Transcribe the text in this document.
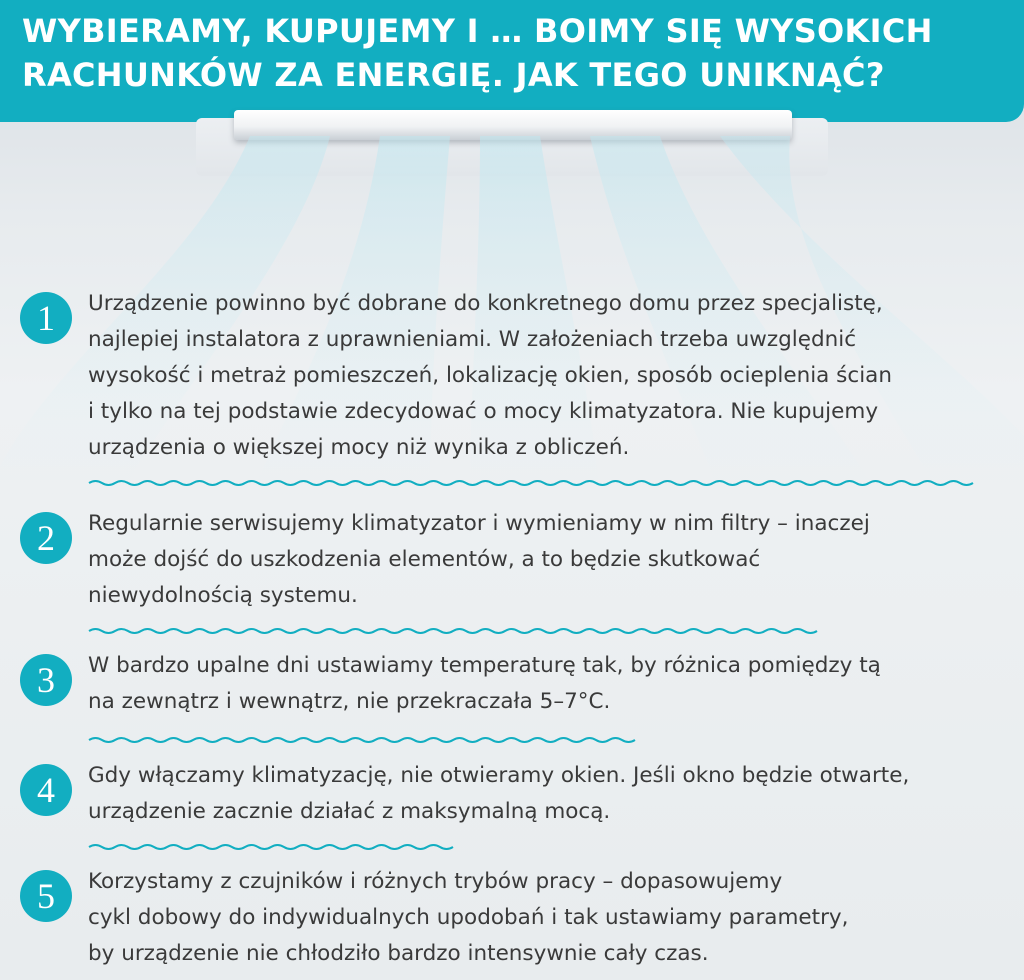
WYBIERAMY, KUPUJEMY I … BOIMY SIĘ WYSOKICH
RACHUNKÓW ZA ENERGIĘ. JAK TEGO UNIKNĄĆ?
1	Urządzenie powinno być dobrane do konkretnego domu przez specjalistę,
najlepiej instalatora z uprawnieniami. W założeniach trzeba uwzględnić
wysokość i metraż pomieszczeń, lokalizację okien, sposób ocieplenia ścian
i tylko na tej podstawie zdecydować o mocy klimatyzatora. Nie kupujemy
urządzenia o większej mocy niż wynika z obliczeń.

2	Regularnie serwisujemy klimatyzator i wymieniamy w nim filtry – inaczej
może dojść do uszkodzenia elementów, a to będzie skutkować
niewydolnością systemu.

3	W bardzo upalne dni ustawiamy temperaturę tak, by różnica pomiędzy tą
na zewnątrz i wewnątrz, nie przekraczała 5–7°C.

4	Gdy włączamy klimatyzację, nie otwieramy okien. Jeśli okno będzie otwarte,
urządzenie zacznie działać z maksymalną mocą.

5	Korzystamy z czujników i różnych trybów pracy – dopasowujemy
cykl dobowy do indywidualnych upodobań i tak ustawiamy parametry,
by urządzenie nie chłodziło bardzo intensywnie cały czas.
